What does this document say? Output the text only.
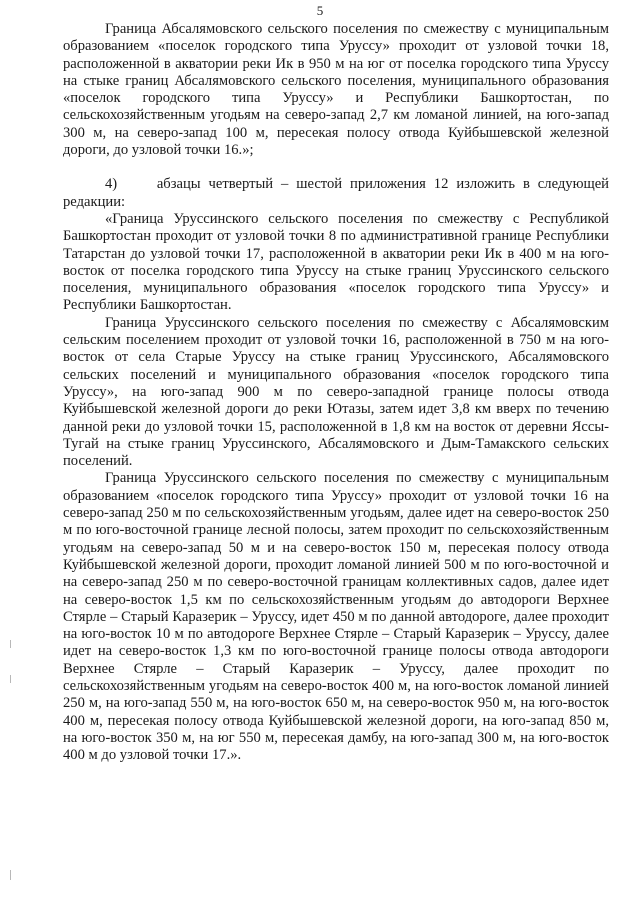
5

Граница Абсалямовского сельского поселения по смежеству с муниципальным образованием «поселок городского типа Уруссу» проходит от узловой точки 18, расположенной в акватории реки Ик в 950 м на юг от поселка городского типа Уруссу на стыке границ Абсалямовского сельского поселения, муниципального образования «поселок городского типа Уруссу» и Республики Башкортостан, по сельскохозяйственным угодьям на северо-запад 2,7 км ломаной линией, на юго-запад 300 м, на северо-запад 100 м, пересекая полосу отвода Куйбышевской железной дороги, до узловой точки 16.»;

4)     абзацы четвертый – шестой приложения 12 изложить в следующей редакции:

«Граница Уруссинского сельского поселения по смежеству с Республикой Башкортостан проходит от узловой точки 8 по административной границе Республики Татарстан до узловой точки 17, расположенной в акватории реки Ик в 400 м на юго-восток от поселка городского типа Уруссу на стыке границ Уруссинского сельского поселения, муниципального образования «поселок городского типа Уруссу» и Республики Башкортостан.

Граница Уруссинского сельского поселения по смежеству с Абсалямовским сельским поселением проходит от узловой точки 16, расположенной в 750 м на юго-восток от села Старые Уруссу на стыке границ Уруссинского, Абсалямовского сельских поселений и муниципального образования «поселок городского типа Уруссу», на юго-запад 900 м по северо-западной границе полосы отвода Куйбышевской железной дороги до реки Ютазы, затем идет 3,8 км вверх по течению данной реки до узловой точки 15, расположенной в 1,8 км на восток от деревни Яссы-Тугай на стыке границ Уруссинского, Абсалямовского и Дым-Тамакского сельских поселений.

Граница Уруссинского сельского поселения по смежеству с муниципальным образованием «поселок городского типа Уруссу» проходит от узловой точки 16 на северо-запад 250 м по сельскохозяйственным угодьям, далее идет на северо-восток 250 м по юго-восточной границе лесной полосы, затем проходит по сельскохозяйственным угодьям на северо-запад 50 м и на северо-восток 150 м, пересекая полосу отвода Куйбышевской железной дороги, проходит ломаной линией 500 м по юго-восточной и на северо-запад 250 м по северо-восточной границам коллективных садов, далее идет на северо-восток 1,5 км по сельскохозяйственным угодьям до автодороги Верхнее Стярле – Старый Каразерик – Уруссу, идет 450 м по данной автодороге, далее проходит на юго-восток 10 м по автодороге Верхнее Стярле – Старый Каразерик – Уруссу, далее идет на северо-восток 1,3 км по юго-восточной границе полосы отвода автодороги Верхнее Стярле – Старый Каразерик – Уруссу, далее проходит по сельскохозяйственным угодьям на северо-восток 400 м, на юго-восток ломаной линией 250 м, на юго-запад 550 м, на юго-восток 650 м, на северо-восток 950 м, на юго-восток 400 м, пересекая полосу отвода Куйбышевской железной дороги, на юго-запад 850 м, на юго-восток 350 м, на юг 550 м, пересекая дамбу, на юго-запад 300 м, на юго-восток 400 м до узловой точки 17.».
